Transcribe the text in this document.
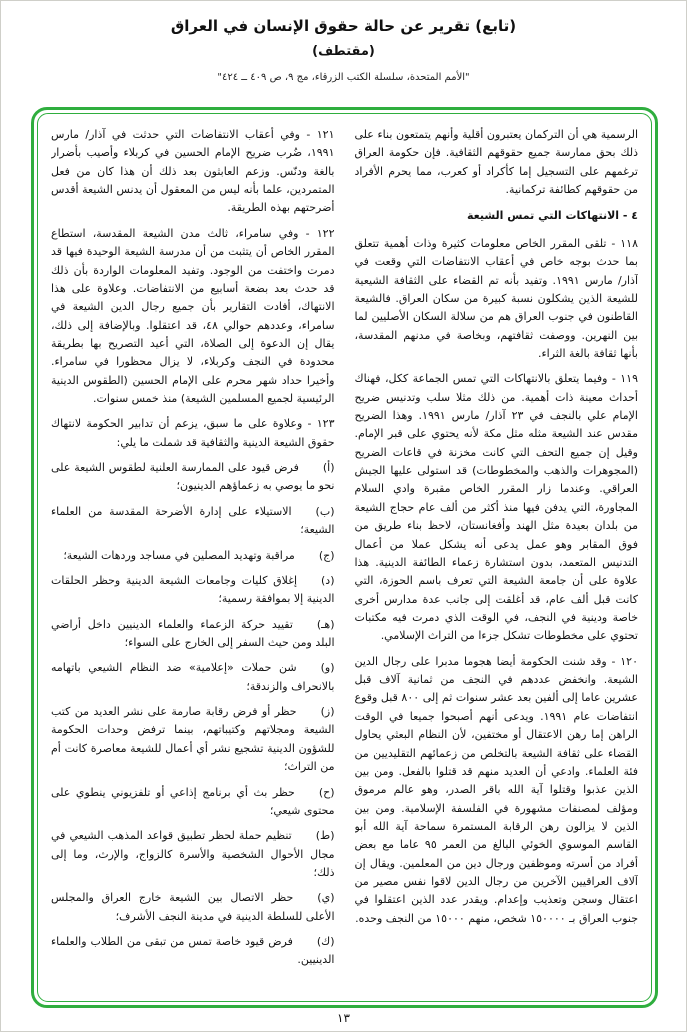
(تابع) تقرير عن حالة حقوق الإنسان في العراق
(مقتطف)
"الأمم المتحدة، سلسلة الكتب الزرقاء، مج ٩، ص ٤٠٩ ــ ٤٢٤"

الرسمية هي أن التركمان يعتبرون أقلية وأنهم يتمتعون بناء على ذلك بحق ممارسة جميع حقوقهم الثقافية. فإن حكومة العراق ترغمهم على التسجيل إما كأكراد أو كعرب، مما يحرم الأفراد من حقوقهم كطائفة تركمانية.

٤ - الانتهاكات التي تمس الشيعة

١١٨ - تلقى المقرر الخاص معلومات كثيرة وذات أهمية تتعلق بما حدث بوجه خاص في أعقاب الانتفاضات التي وقعت في آذار/ مارس ١٩٩١. وتفيد بأنه تم القضاء على الثقافة الشيعية للشيعة الذين يشكلون نسبة كبيرة من سكان العراق. فالشيعة القاطنون في جنوب العراق هم من سلالة السكان الأصليين لما بين النهرين. ووصفت ثقافتهم، وبخاصة في مدنهم المقدسة، بأنها ثقافة بالغة الثراء.

١١٩ - وفيما يتعلق بالانتهاكات التي تمس الجماعة ككل، فهناك أحداث معينة ذات أهمية. من ذلك مثلا سلب وتدنيس ضريح الإمام علي بالنجف في ٢٣ آذار/ مارس ١٩٩١. وهذا الضريح مقدس عند الشيعة مثله مثل مكة لأنه يحتوي على قبر الإمام. وقيل إن جميع التحف التي كانت مخزنة في قاعات الضريح (المجوهرات والذهب والمخطوطات) قد استولى عليها الجيش العراقي. وعندما زار المقرر الخاص مقبرة وادي السلام المجاورة، التي يدفن فيها منذ أكثر من ألف عام حجاج الشيعة من بلدان بعيدة مثل الهند وأفغانستان، لاحظ بناء طريق من فوق المقابر وهو عمل يدعى أنه يشكل عملا من أعمال التدنيس المتعمد، بدون استشارة زعماء الطائفة الدينية. هذا علاوة على أن جامعة الشيعة التي تعرف باسم الحوزة، التي كانت قبل ألف عام، قد أغلقت إلى جانب عدة مدارس أخرى خاصة ودينية في النجف، في الوقت الذي دمرت فيه مكتبات تحتوي على مخطوطات تشكل جزءا من التراث الإسلامي.

١٢٠ - وقد شنت الحكومة أيضا هجوما مدبرا على رجال الدين الشيعة. وانخفض عددهم في النجف من ثمانية آلاف قبل عشرين عاما إلى ألفين بعد عشر سنوات ثم إلى ٨٠٠ قبل وقوع انتفاضات عام ١٩٩١. ويدعى أنهم أصبحوا جميعا في الوقت الراهن إما رهن الاعتقال أو مختفين، لأن النظام البعثي يحاول القضاء على ثقافة الشيعة بالتخلص من زعمائهم التقليديين من فئة العلماء. وادعي أن العديد منهم قد قتلوا بالفعل. ومن بين الذين عذبوا وقتلوا آية الله باقر الصدر، وهو عالم مرموق ومؤلف لمصنفات مشهورة في الفلسفة الإسلامية. ومن بين الذين لا يزالون رهن الرقابة المستمرة سماحة آية الله أبو القاسم الموسوي الخوئي البالغ من العمر ٩٥ عاما مع بعض أفراد من أسرته وموظفين ورجال دين من المعلمين. ويقال إن آلاف العراقيين الآخرين من رجال الدين لاقوا نفس مصير من اعتقال وسجن وتعذيب وإعدام. ويقدر عدد الذين اعتقلوا في جنوب العراق بـ ١٥٠٠٠٠ شخص، منهم ١٥٠٠٠ من النجف وحده.

١٢١ - وفي أعقاب الانتفاضات التي حدثت في آذار/ مارس ١٩٩١، ضُرب ضريح الإمام الحسين في كربلاء وأصيب بأضرار بالغة ودنّس. وزعم العابثون بعد ذلك أن هذا كان من فعل المتمردين، علما بأنه ليس من المعقول أن يدنس الشيعة أقدس أضرحتهم بهذه الطريقة.

١٢٢ - وفي سامراء، ثالث مدن الشيعة المقدسة، استطاع المقرر الخاص أن يتثبت من أن مدرسة الشيعة الوحيدة فيها قد دمرت واختفت من الوجود. وتفيد المعلومات الواردة بأن ذلك قد حدث بعد بضعة أسابيع من الانتفاضات. وعلاوة على هذا الانتهاك، أفادت التقارير بأن جميع رجال الدين الشيعة في سامراء، وعددهم حوالي ٤٨، قد اعتقلوا. وبالإضافة إلى ذلك، يقال إن الدعوة إلى الصلاة، التي أعيد التصريح بها بطريقة محدودة في النجف وكربلاء، لا يزال محظورا في سامراء. وأخيرا حداد شهر محرم على الإمام الحسين (الطقوس الدينية الرئيسية لجميع المسلمين الشيعة) منذ خمس سنوات.

١٢٣ - وعلاوة على ما سبق، يزعم أن تدابير الحكومة لانتهاك حقوق الشيعة الدينية والثقافية قد شملت ما يلي:

(أ)فرض قيود على الممارسة العلنية لطقوس الشيعة على نحو ما يوصي به زعماؤهم الدينيون؛

(ب)الاستيلاء على إدارة الأضرحة المقدسة من العلماء الشيعة؛

(ج)مراقبة وتهديد المصلين في مساجد وردهات الشيعة؛

(د)إغلاق كليات وجامعات الشيعة الدينية وحظر الحلقات الدينية إلا بموافقة رسمية؛

(هـ)تقييد حركة الزعماء والعلماء الدينيين داخل أراضي البلد ومن حيث السفر إلى الخارج على السواء؛

(و)شن حملات «إعلامية» ضد النظام الشيعي باتهامه بالانحراف والزندقة؛

(ز)حظر أو فرض رقابة صارمة على نشر العديد من كتب الشيعة ومجلاتهم وكتيباتهم، بينما ترفض وحدات الحكومة للشؤون الدينية تشجيع نشر أي أعمال للشيعة معاصرة كانت أم من التراث؛

(ح)حظر بث أي برنامج إذاعي أو تلفزيوني ينطوي على محتوى شيعي؛

(ط)تنظيم حملة لحظر تطبيق قواعد المذهب الشيعي في مجال الأحوال الشخصية والأسرة كالزواج، والإرث، وما إلى ذلك؛

(ي)حظر الاتصال بين الشيعة خارج العراق والمجلس الأعلى للسلطة الدينية في مدينة النجف الأشرف؛

(ك)فرض قيود خاصة تمس من تبقى من الطلاب والعلماء الدينيين.

١٣
